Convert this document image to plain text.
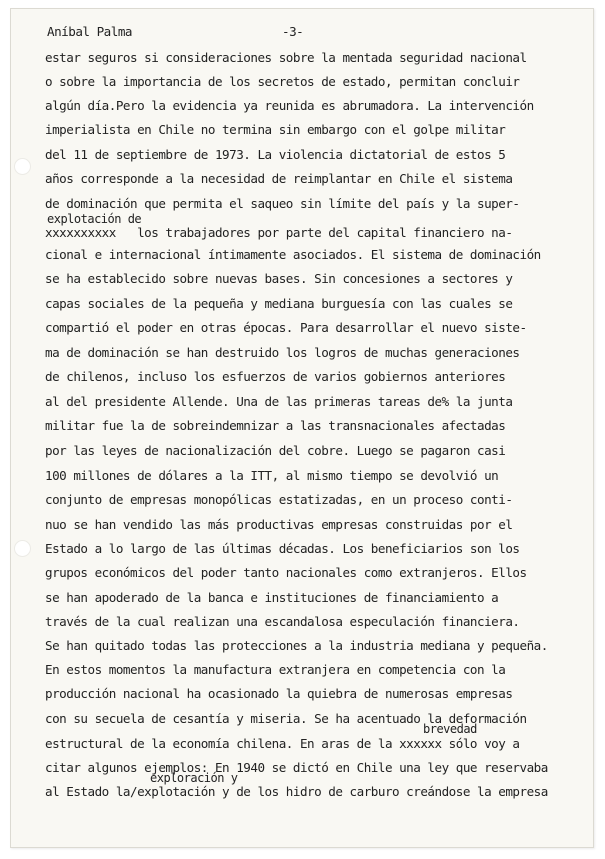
Aníbal Palma	-3-

estar seguros si consideraciones sobre la mentada seguridad nacional

o sobre la importancia de los secretos de estado, permitan concluir

algún día.Pero la evidencia ya reunida es abrumadora. La intervención

imperialista en Chile no termina sin embargo con el golpe militar

del 11 de septiembre de 1973. La violencia dictatorial de estos 5

años corresponde a la necesidad de reimplantar en Chile el sistema

de dominación que permita el saqueo sin límite del país y la super-

xxxxxxxxxx   los trabajadores por parte del capital financiero na-

cional e internacional íntimamente asociados. El sistema de dominación

se ha establecido sobre nuevas bases. Sin concesiones a sectores y

capas sociales de la pequeña y mediana burguesía con las cuales se

compartió el poder en otras épocas. Para desarrollar el nuevo siste-

ma de dominación se han destruido los logros de muchas generaciones

de chilenos, incluso los esfuerzos de varios gobiernos anteriores

al del presidente Allende. Una de las primeras tareas de% la junta

militar fue la de sobreindemnizar a las transnacionales afectadas

por las leyes de nacionalización del cobre. Luego se pagaron casi

100 millones de dólares a la ITT, al mismo tiempo se devolvió un

conjunto de empresas monopólicas estatizadas, en un proceso conti-

nuo se han vendido las más productivas empresas construidas por el

Estado a lo largo de las últimas décadas. Los beneficiarios son los

grupos económicos del poder tanto nacionales como extranjeros. Ellos

se han apoderado de la banca e instituciones de financiamiento a

través de la cual realizan una escandalosa especulación financiera.

Se han quitado todas las protecciones a la industria mediana y pequeña.

En estos momentos la manufactura extranjera en competencia con la

producción nacional ha ocasionado la quiebra de numerosas empresas

con su secuela de cesantía y miseria. Se ha acentuado la deformación

estructural de la economía chilena. En aras de la xxxxxx sólo voy a

citar algunos ejemplos: En 1940 se dictó en Chile una ley que reservaba

al Estado la/explotación y de los hidro de carburo creándose la empresa

explotación de
brevedad
exploración y
